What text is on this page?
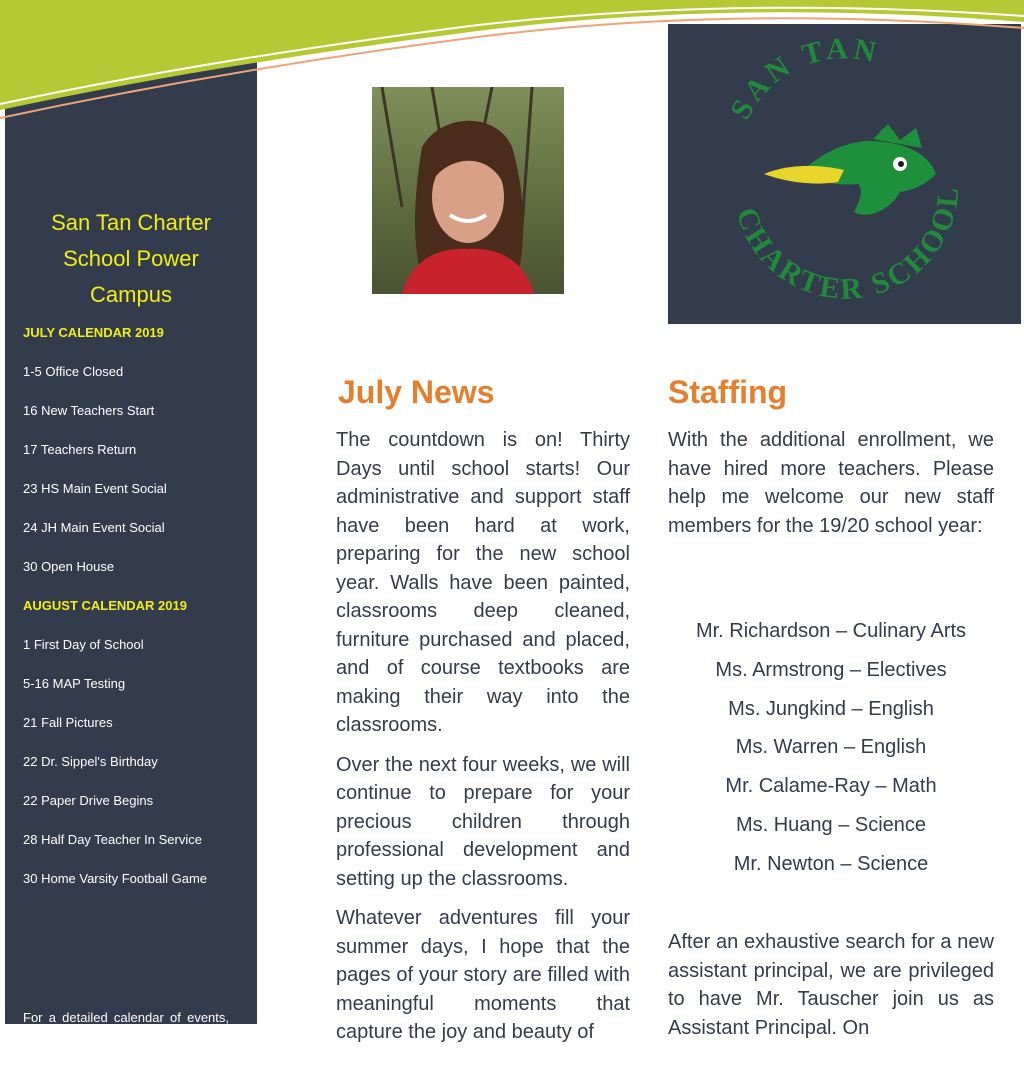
San Tan Charter
School Power
Campus
JULY CALENDAR 2019
1-5 Office Closed
16 New Teachers Start
17 Teachers Return
23 HS Main Event Social
24 JH Main Event Social
30 Open House
AUGUST CALENDAR 2019
1 First Day of School
5-16 MAP Testing
21 Fall Pictures
22 Dr. Sippel's Birthday
22 Paper Drive Begins
28 Half Day Teacher In Service
30 Home Varsity Football Game
For a detailed calendar of events, visit:
https://tinyurl.com/yxuoxrmz
SAN TAN
CHARTER SCHOOL
July News

The countdown is on! Thirty Days until school starts! Our administrative and support staff have been hard at work, preparing for the new school year. Walls have been painted, classrooms deep cleaned, furniture purchased and placed, and of course textbooks are making their way into the classrooms.

Over the next four weeks, we will continue to prepare for your precious children through professional development and setting up the classrooms.

Whatever adventures fill your summer days, I hope that the pages of your story are filled with meaningful moments that capture the joy and beauty of

Staffing

With the additional enrollment, we have hired more teachers. Please help me welcome our new staff members for the 19/20 school year:

Mr. Richardson – Culinary Arts
Ms. Armstrong – Electives
Ms. Jungkind – English
Ms. Warren – English
Mr. Calame-Ray – Math
Ms. Huang – Science
Mr. Newton – Science

After an exhaustive search for a new assistant principal, we are privileged to have Mr. Tauscher join us as Assistant Principal. On
